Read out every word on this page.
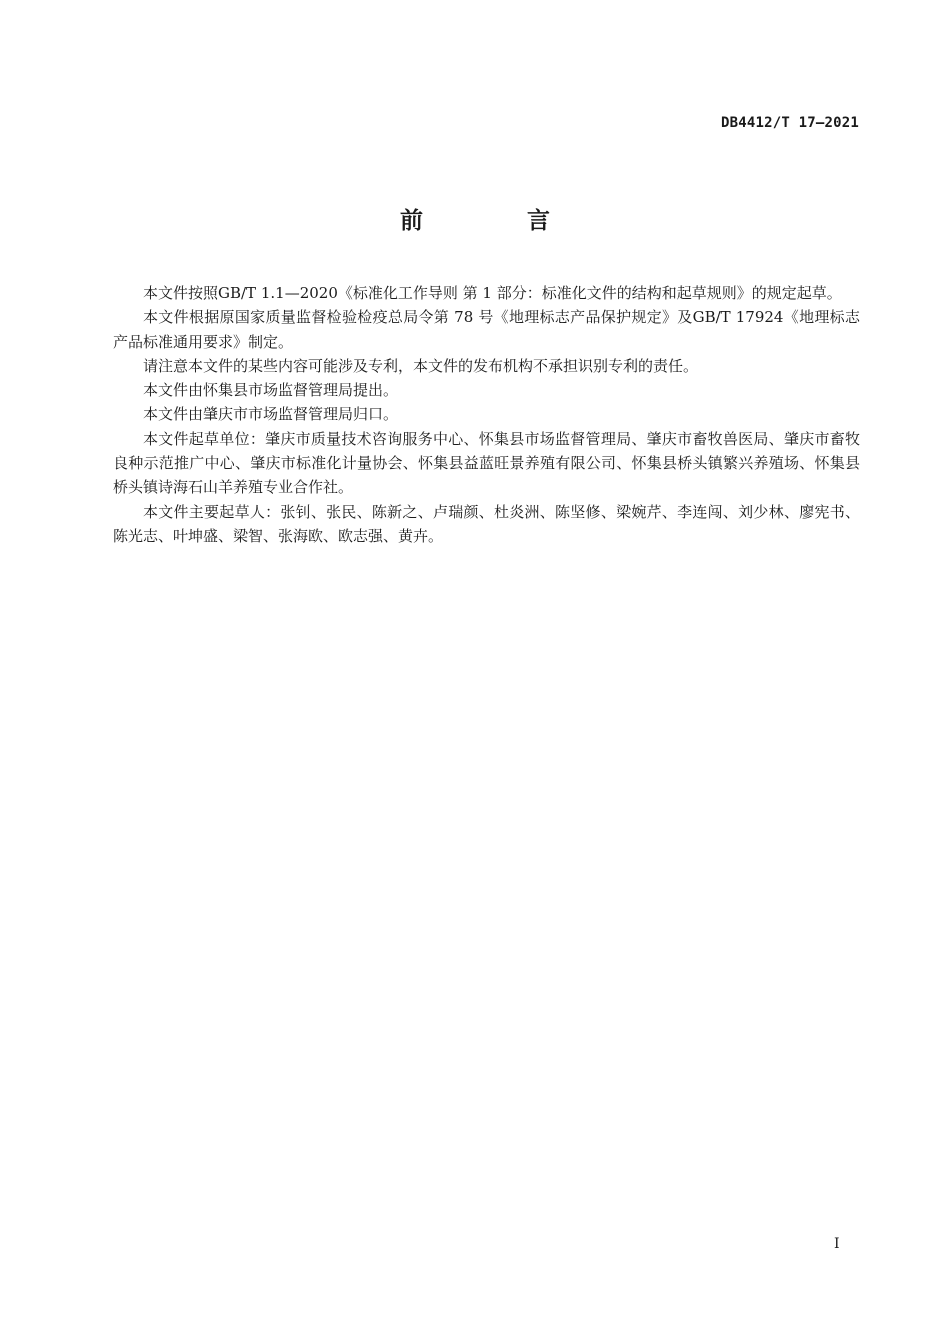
DB4412/T 17—2021
前 言

本文件按照GB/T 1.1—2020《标准化工作导则 第 1 部分：标准化文件的结构和起草规则》的规定起草。

本文件根据原国家质量监督检验检疫总局令第 78 号《地理标志产品保护规定》及GB/T 17924《地理标志产品标准通用要求》制定。

请注意本文件的某些内容可能涉及专利，本文件的发布机构不承担识别专利的责任。

本文件由怀集县市场监督管理局提出。

本文件由肇庆市市场监督管理局归口。

本文件起草单位：肇庆市质量技术咨询服务中心、怀集县市场监督管理局、肇庆市畜牧兽医局、肇庆市畜牧良种示范推广中心、肇庆市标准化计量协会、怀集县益蓝旺景养殖有限公司、怀集县桥头镇繁兴养殖场、怀集县桥头镇诗海石山羊养殖专业合作社。

本文件主要起草人：张钊、张民、陈新之、卢瑞颜、杜炎洲、陈坚修、梁婉芹、李连闯、刘少林、廖宪书、陈光志、叶坤盛、梁智、张海欧、欧志强、黄卉。

I
